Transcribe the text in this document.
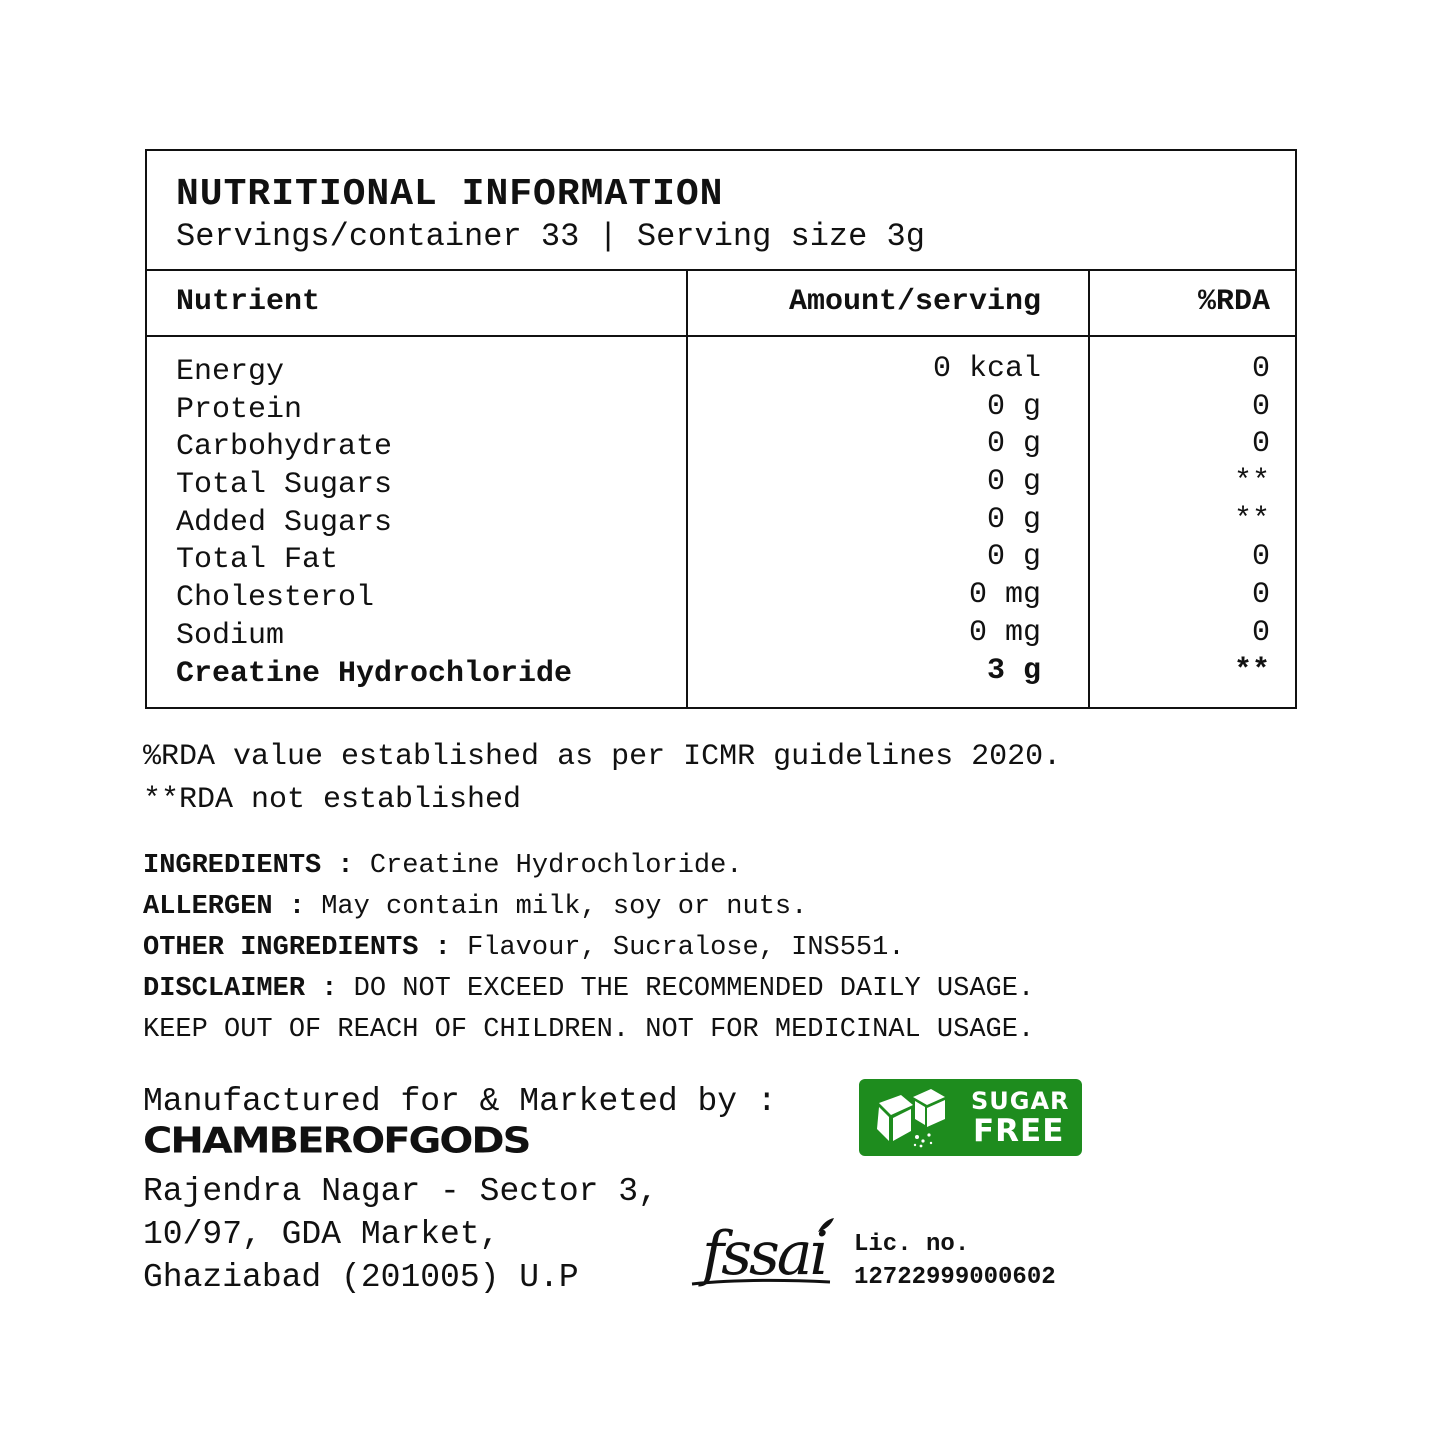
NUTRITIONAL INFORMATION
Servings/container 33 | Serving size 3g
Nutrient	Amount/serving	%RDA
Energy	0 kcal	0
Protein	0 g	0
Carbohydrate	0 g	0
Total Sugars	0 g	**
Added Sugars	0 g	**
Total Fat	0 g	0
Cholesterol	0 mg	0
Sodium	0 mg	0
Creatine Hydrochloride	3 g	**
%RDA value established as per ICMR guidelines 2020.
**RDA not established
INGREDIENTS : Creatine Hydrochloride.
ALLERGEN : May contain milk, soy or nuts.
OTHER INGREDIENTS : Flavour, Sucralose, INS551.
DISCLAIMER : DO NOT EXCEED THE RECOMMENDED DAILY USAGE.
KEEP OUT OF REACH OF CHILDREN. NOT FOR MEDICINAL USAGE.
Manufactured for & Marketed by :
CHAMBEROFGODS
Rajendra Nagar - Sector 3,
10/97, GDA Market,
Ghaziabad (201005) U.P
SUGAR
FREE
fssai Lic. no.
12722999000602
